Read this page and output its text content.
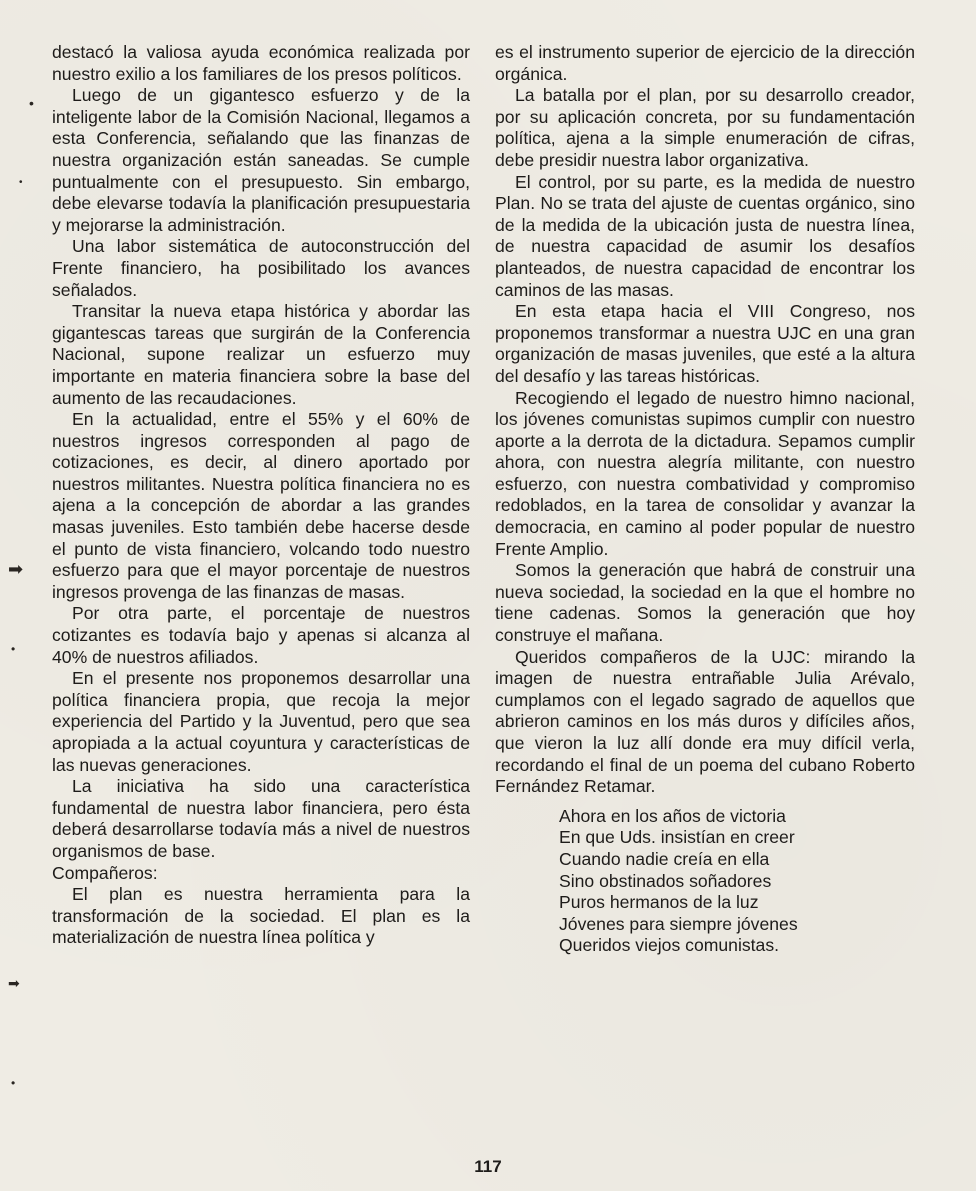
•
•
➡
•
➡
•

destacó la valiosa ayuda económica realizada por nuestro exilio a los familiares de los presos políticos.

Luego de un gigantesco esfuerzo y de la inteligente labor de la Comisión Nacional, llegamos a esta Conferencia, señalando que las finanzas de nuestra organización están saneadas. Se cumple puntualmente con el presupuesto. Sin embargo, debe elevarse todavía la planificación presupuestaria y mejorarse la administración.

Una labor sistemática de autoconstrucción del Frente financiero, ha posibilitado los avances señalados.

Transitar la nueva etapa histórica y abordar las gigantescas tareas que surgirán de la Conferencia Nacional, supone realizar un esfuerzo muy importante en materia financiera sobre la base del aumento de las recaudaciones.

En la actualidad, entre el 55% y el 60% de nuestros ingresos corresponden al pago de cotizaciones, es decir, al dinero aportado por nuestros militantes. Nuestra política financiera no es ajena a la concepción de abordar a las grandes masas juveniles. Esto también debe hacerse desde el punto de vista financiero, volcando todo nuestro esfuerzo para que el mayor porcentaje de nuestros ingresos provenga de las finanzas de masas.

Por otra parte, el porcentaje de nuestros cotizantes es todavía bajo y apenas si alcanza al 40% de nuestros afiliados.

En el presente nos proponemos desarrollar una política financiera propia, que recoja la mejor experiencia del Partido y la Juventud, pero que sea apropiada a la actual coyuntura y características de las nuevas generaciones.

La iniciativa ha sido una característica fundamental de nuestra labor financiera, pero ésta deberá desarrollarse todavía más a nivel de nuestros organismos de base.

Compañeros:

El plan es nuestra herramienta para la transformación de la sociedad. El plan es la materialización de nuestra línea política y

es el instrumento superior de ejercicio de la dirección orgánica.

La batalla por el plan, por su desarrollo creador, por su aplicación concreta, por su fundamentación política, ajena a la simple enumeración de cifras, debe presidir nuestra labor organizativa.

El control, por su parte, es la medida de nuestro Plan. No se trata del ajuste de cuentas orgánico, sino de la medida de la ubicación justa de nuestra línea, de nuestra capacidad de asumir los desafíos planteados, de nuestra capacidad de encontrar los caminos de las masas.

En esta etapa hacia el VIII Congreso, nos proponemos transformar a nuestra UJC en una gran organización de masas juveniles, que esté a la altura del desafío y las tareas históricas.

Recogiendo el legado de nuestro himno nacional, los jóvenes comunistas supimos cumplir con nuestro aporte a la derrota de la dictadura. Sepamos cumplir ahora, con nuestra alegría militante, con nuestro esfuerzo, con nuestra combatividad y compromiso redoblados, en la tarea de consolidar y avanzar la democracia, en camino al poder popular de nuestro Frente Amplio.

Somos la generación que habrá de construir una nueva sociedad, la sociedad en la que el hombre no tiene cadenas. Somos la generación que hoy construye el mañana.

Queridos compañeros de la UJC: mirando la imagen de nuestra entrañable Julia Arévalo, cumplamos con el legado sagrado de aquellos que abrieron caminos en los más duros y difíciles años, que vieron la luz allí donde era muy difícil verla, recordando el final de un poema del cubano Roberto Fernández Retamar.

Ahora en los años de victoria
En que Uds. insistían en creer
Cuando nadie creía en ella
Sino obstinados soñadores
Puros hermanos de la luz
Jóvenes para siempre jóvenes
Queridos viejos comunistas.
117
